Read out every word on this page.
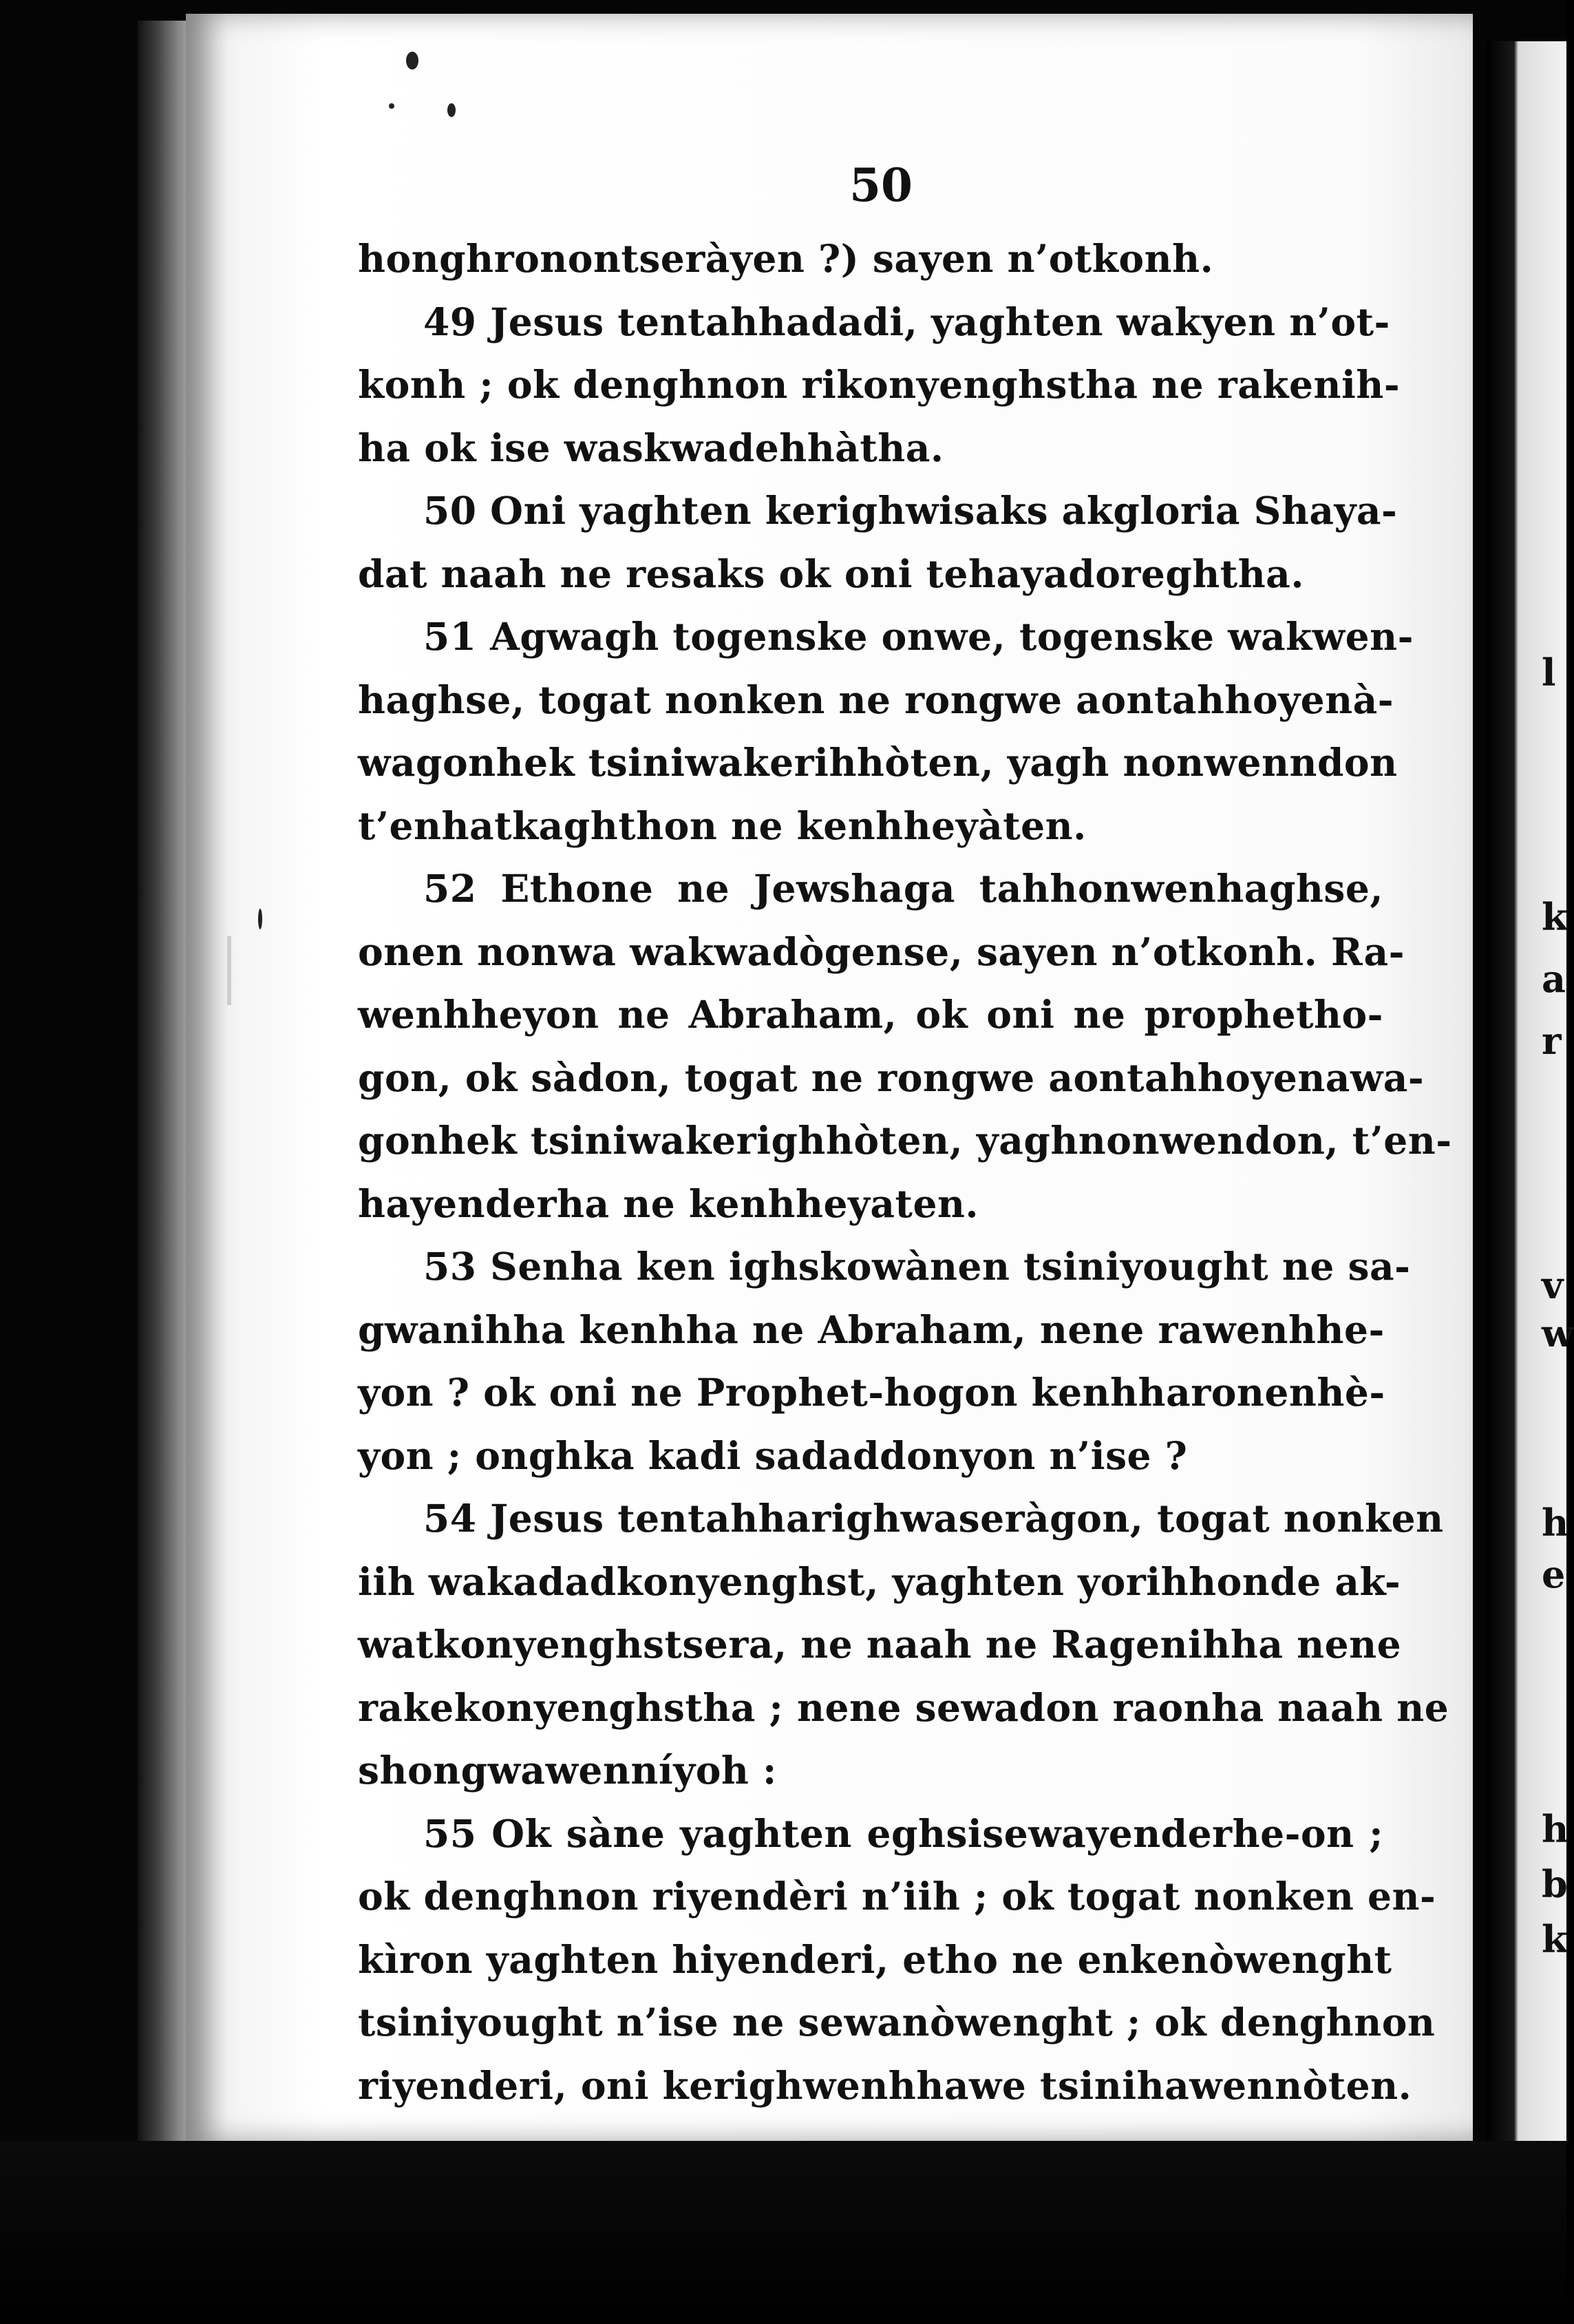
50
l
k
a
r
v
w
h
e
h
b
k
honghronontseràyen ?) sayen n’otkonh.
49 Jesus tentahhadadi, yaghten wakyen n’ot-
konh ; ok denghnon rikonyenghstha ne rakenih-
ha ok ise waskwadehhàtha.
50 Oni yaghten kerighwisaks akgloria Shaya-
dat naah ne resaks ok oni tehayadoreghtha.
51 Agwagh togenske onwe, togenske wakwen-
haghse, togat nonken ne rongwe aontahhoyenà-
wagonhek tsiniwakerihhòten, yagh nonwenndon
t’enhatkaghthon ne kenhheyàten.
52 Ethone ne Jewshaga tahhonwenhaghse,
onen nonwa wakwadògense, sayen n’otkonh. Ra-
wenhheyon ne Abraham, ok oni ne prophetho-
gon, ok sàdon, togat ne rongwe aontahhoyenawa-
gonhek tsiniwakerighhòten, yaghnonwendon, t’en-
hayenderha ne kenhheyaten.
53 Senha ken ighskowànen tsiniyought ne sa-
gwanihha kenhha ne Abraham, nene rawenhhe-
yon ? ok oni ne Prophet-hogon kenhharonenhè-
yon ; onghka kadi sadaddonyon n’ise ?
54 Jesus tentahharighwaseràgon, togat nonken
iih wakadadkonyenghst, yaghten yorihhonde ak-
watkonyenghstsera, ne naah ne Ragenihha nene
rakekonyenghstha ; nene sewadon raonha naah ne
shongwawenníyoh :
55 Ok sàne yaghten eghsisewayenderhe-on ;
ok denghnon riyendèri n’iih ; ok togat nonken en-
kìron yaghten hiyenderi, etho ne enkenòwenght
tsiniyought n’ise ne sewanòwenght ; ok denghnon
riyenderi, oni kerighwenhhawe tsinihawennòten.
